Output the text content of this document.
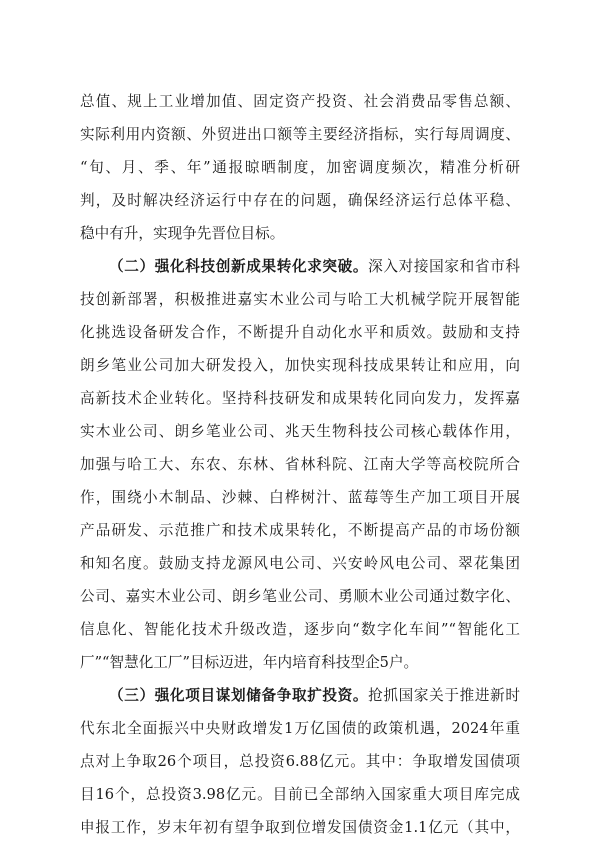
总值、规上工业增加值、固定资产投资、社会消费品零售总额、
实际利用内资额、外贸进出口额等主要经济指标，实行每周调度、
“旬、月、季、年”通报晾晒制度，加密调度频次，精准分析研
判，及时解决经济运行中存在的问题，确保经济运行总体平稳、
稳中有升，实现争先晋位目标。
（二）强化科技创新成果转化求突破。深入对接国家和省市科
技创新部署，积极推进嘉实木业公司与哈工大机械学院开展智能
化挑选设备研发合作，不断提升自动化水平和质效。鼓励和支持
朗乡笔业公司加大研发投入，加快实现科技成果转让和应用，向
高新技术企业转化。坚持科技研发和成果转化同向发力，发挥嘉
实木业公司、朗乡笔业公司、兆天生物科技公司核心载体作用，
加强与哈工大、东农、东林、省林科院、江南大学等高校院所合
作，围绕小木制品、沙棘、白桦树汁、蓝莓等生产加工项目开展
产品研发、示范推广和技术成果转化，不断提高产品的市场份额
和知名度。鼓励支持龙源风电公司、兴安岭风电公司、翠花集团
公司、嘉实木业公司、朗乡笔业公司、勇顺木业公司通过数字化、
信息化、智能化技术升级改造，逐步向“数字化车间”“智能化工
厂”“智慧化工厂”目标迈进，年内培育科技型企5户。
（三）强化项目谋划储备争取扩投资。抢抓国家关于推进新时
代东北全面振兴中央财政增发1万亿国债的政策机遇，2024年重
点对上争取26个项目，总投资6.88亿元。其中：争取增发国债项
目16个，总投资3.98亿元。目前已全部纳入国家重大项目库完成
申报工作，岁末年初有望争取到位增发国债资金1.1亿元（其中，
